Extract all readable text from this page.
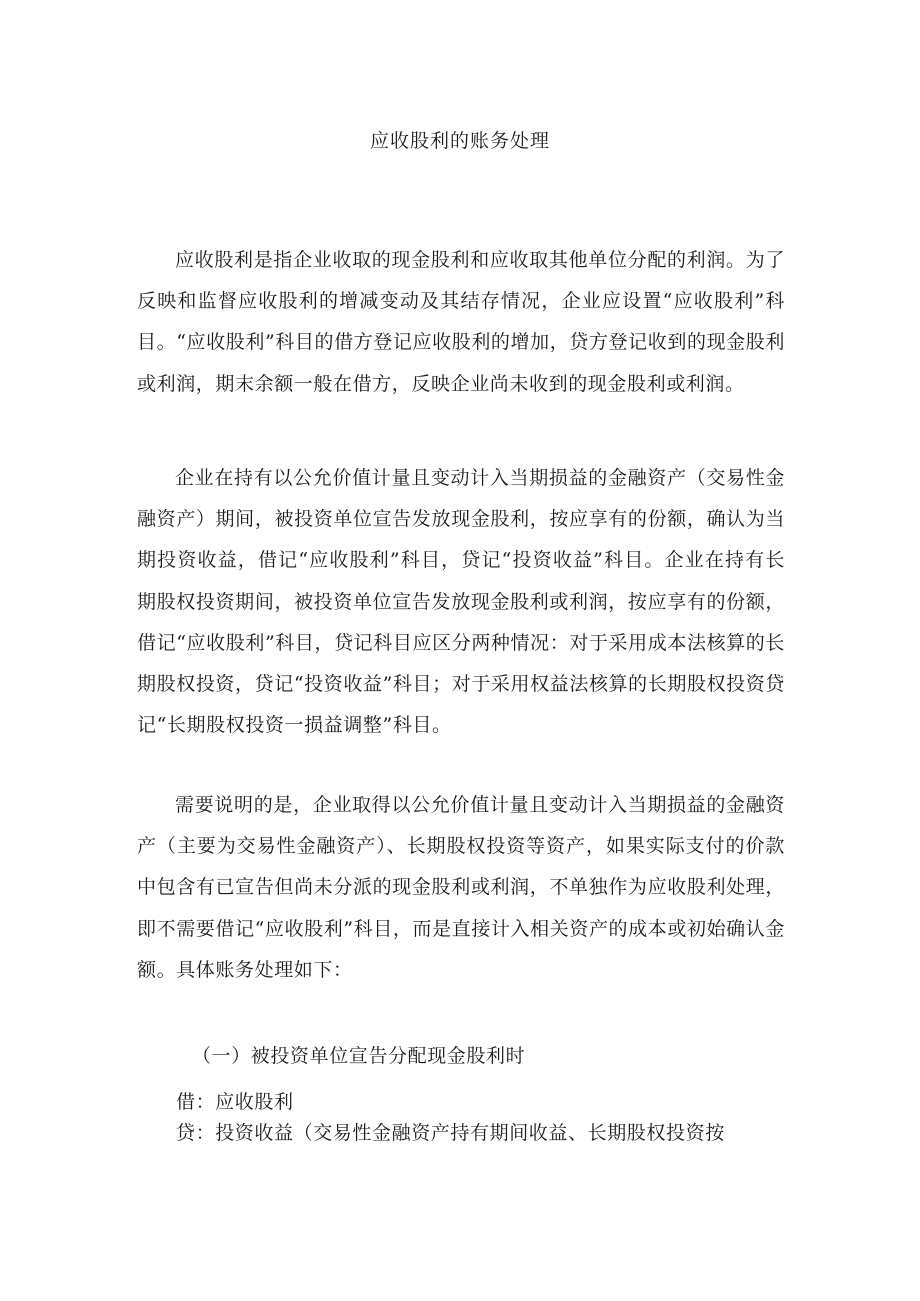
应收股利的账务处理

应收股利是指企业收取的现金股利和应收取其他单位分配的利润。为了反映和监督应收股利的增减变动及其结存情况，企业应设置“应收股利”科目。“应收股利”科目的借方登记应收股利的增加，贷方登记收到的现金股利或利润，期末余额一般在借方，反映企业尚未收到的现金股利或利润。

企业在持有以公允价值计量且变动计入当期损益的金融资产（交易性金融资产）期间，被投资单位宣告发放现金股利，按应享有的份额，确认为当期投资收益，借记“应收股利”科目，贷记“投资收益”科目。企业在持有长期股权投资期间，被投资单位宣告发放现金股利或利润，按应享有的份额，借记“应收股利”科目，贷记科目应区分两种情况：对于采用成本法核算的长期股权投资，贷记“投资收益”科目；对于采用权益法核算的长期股权投资贷记“长期股权投资一损益调整”科目。

需要说明的是，企业取得以公允价值计量且变动计入当期损益的金融资产（主要为交易性金融资产）、长期股权投资等资产，如果实际支付的价款中包含有已宣告但尚未分派的现金股利或利润，不单独作为应收股利处理，即不需要借记“应收股利”科目，而是直接计入相关资产的成本或初始确认金额。具体账务处理如下：

（一）被投资单位宣告分配现金股利时
借：应收股利
贷：投资收益（交易性金融资产持有期间收益、长期股权投资按
